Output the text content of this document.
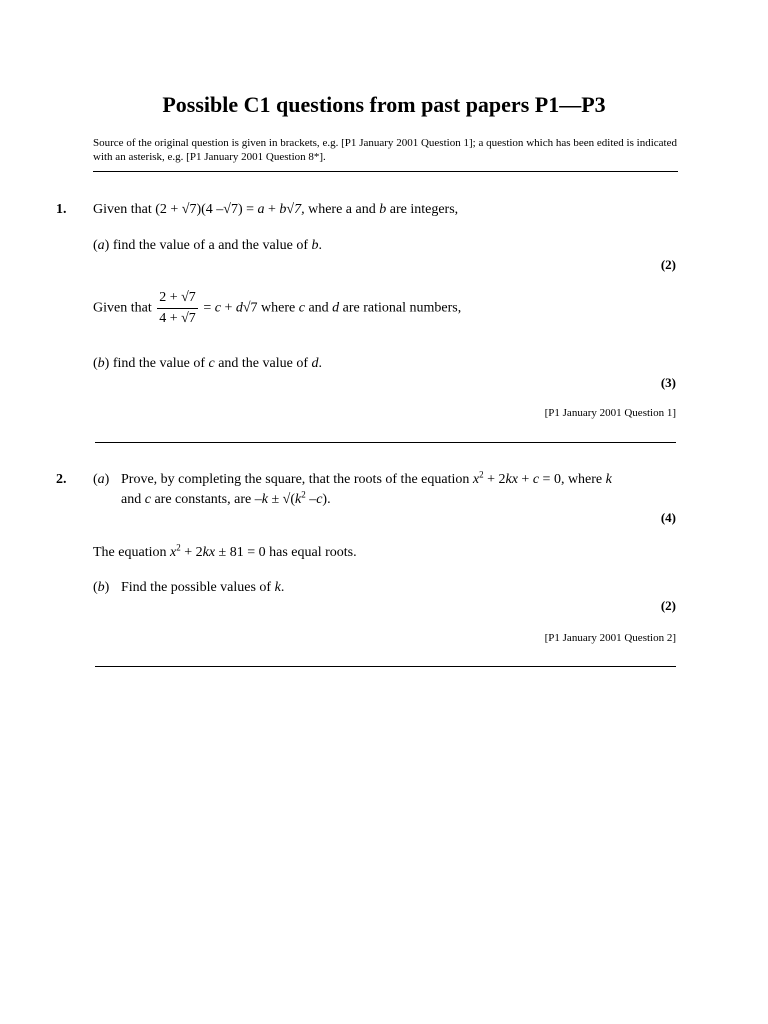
Possible C1 questions from past papers P1—P3
Source of the original question is given in brackets, e.g. [P1 January 2001 Question 1]; a question which has been edited is indicated with an asterisk, e.g. [P1 January 2001 Question 8*].
1. Given that (2 + √7)(4 –√7) = a + b√7, where a and b are integers,
(a) find the value of a and the value of b.
(2)
Given that $\frac{2 + √7}{4 + √7} = c + d√7$ where c and d are rational numbers,
(b) find the value of c and the value of d.
(3)
[P1 January 2001 Question 1]
2. (a) Prove, by completing the square, that the roots of the equation $x^2 + 2kx + c = 0$, where k
and c are constants, are $-k \pm √(k^2$ –c).
(4)
The equation $x^2 + 2kx \pm 81 = 0$ has equal roots.
(b) Find the possible values of k.
(2)
[P1 January 2001 Question 2]
